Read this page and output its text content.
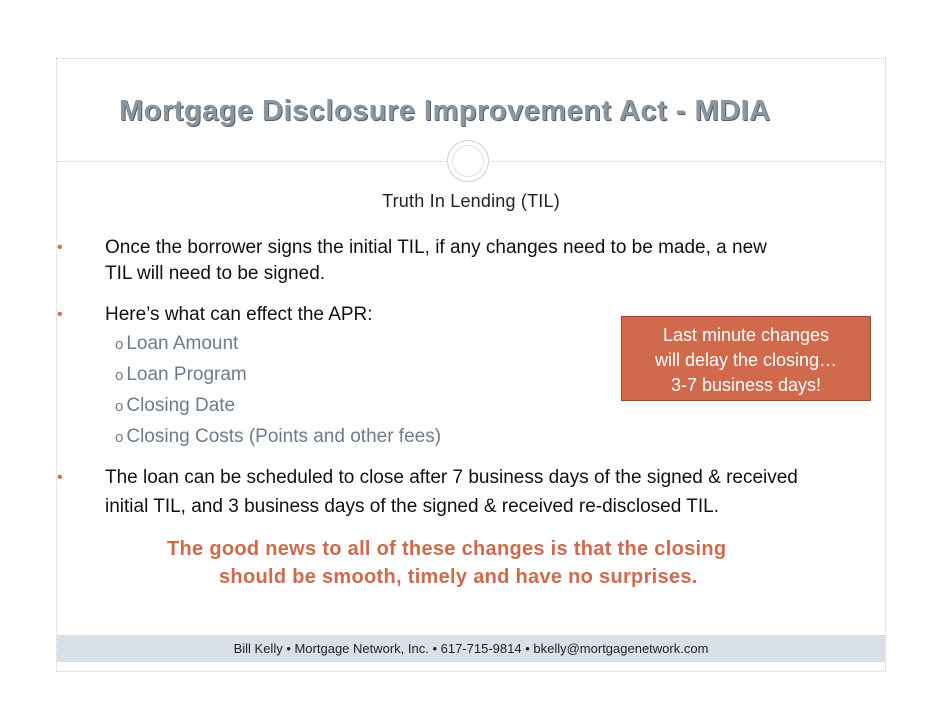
Mortgage Disclosure Improvement Act - MDIA
Truth In Lending (TIL)
• Once the borrower signs the initial TIL, if any changes need to be made, a new
TIL will need to be signed.
• Here’s what can effect the APR:
o Loan Amount
o Loan Program
o Closing Date
o Closing Costs (Points and other fees)
Last minute changes
will delay the closing…
3-7 business days!
• The loan can be scheduled to close after 7 business days of the signed & received
initial TIL, and 3 business days of the signed & received re-disclosed TIL.
The good news to all of these changes is that the closing
should be smooth, timely and have no surprises.
Bill Kelly • Mortgage Network, Inc. • 617-715-9814 • bkelly@mortgagenetwork.com
